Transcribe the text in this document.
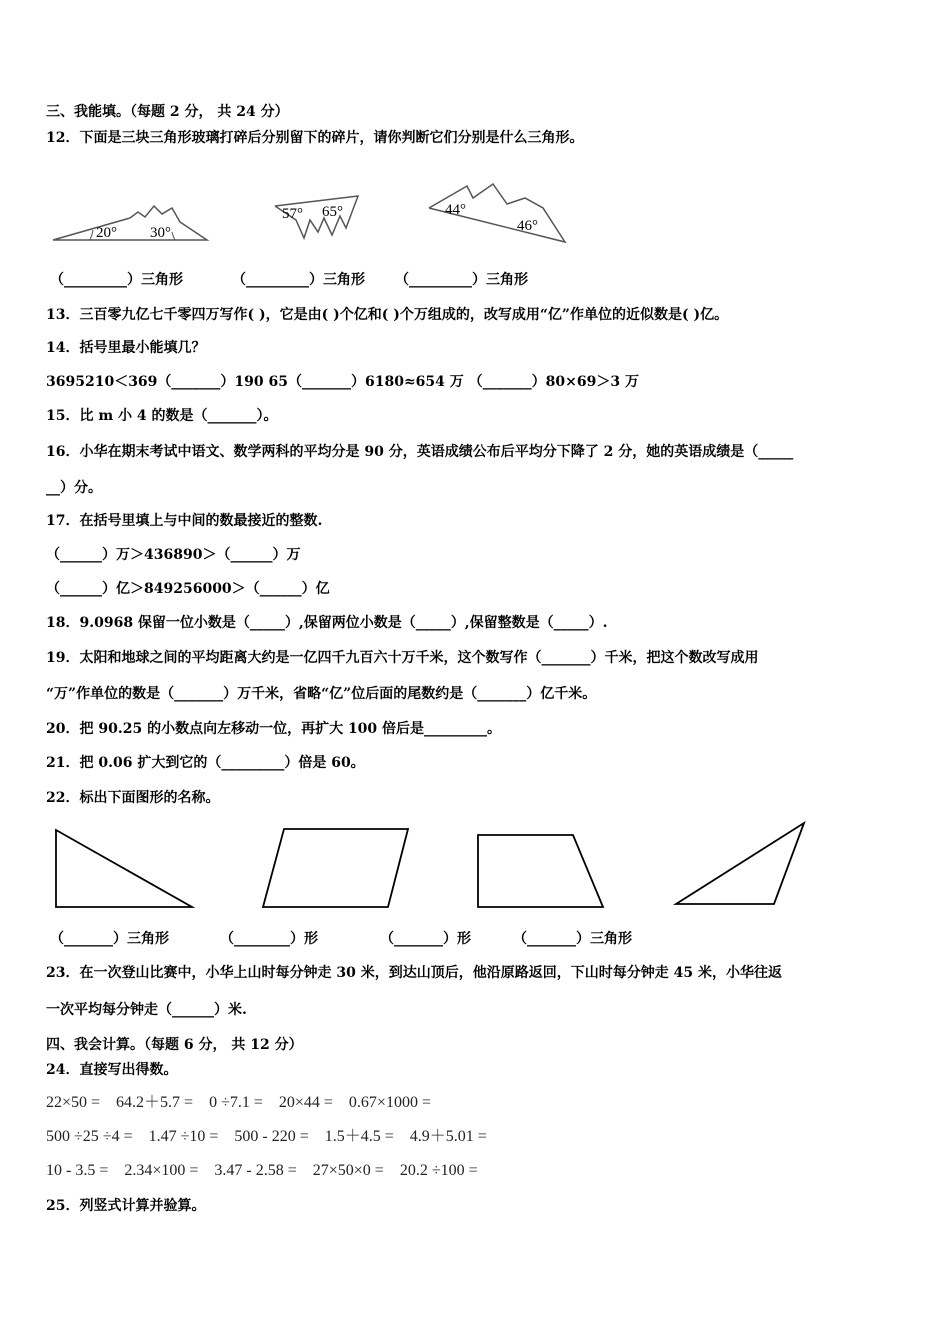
三、我能填。（每题 2 分， 共 24 分）
12．下面是三块三角形玻璃打碎后分别留下的碎片，请你判断它们分别是什么三角形。
20° 30°
57° 65°	44°
46°
（_________）三角形	（_________）三角形 （_________）三角形
13．三百零九亿七千零四万写作( )，它是由( )个亿和( )个万组成的，改写成用“亿”作单位的近似数是( )亿。
14．括号里最小能填几？
3695210＜369（_______）190 65（_______）6180≈654 万 （_______）80×69＞3 万
15．比 m 小 4 的数是（_______）。
16．小华在期末考试中语文、数学两科的平均分是 90 分，英语成绩公布后平均分下降了 2 分，她的英语成绩是（_____
__）分。
17．在括号里填上与中间的数最接近的整数.
（______）万＞436890＞（______）万
（______）亿＞849256000＞（______）亿
18．9.0968 保留一位小数是（_____）,保留两位小数是（_____）,保留整数是（_____）.
19．太阳和地球之间的平均距离大约是一亿四千九百六十万千米，这个数写作（_______）千米，把这个数改写成用
“万”作单位的数是（_______）万千米，省略“亿”位后面的尾数约是（_______）亿千米。
20．把 90.25 的小数点向左移动一位，再扩大 100 倍后是_________。
21．把 0.06 扩大到它的（_________）倍是 60。
22．标出下面图形的名称。
（_______）三角形	（________）形	（_______）形	（_______）三角形
23．在一次登山比赛中，小华上山时每分钟走 30 米，到达山顶后，他沿原路返回，下山时每分钟走 45 米，小华往返
一次平均每分钟走（______）米.
四、我会计算。（每题 6 分， 共 12 分）
24．直接写出得数。
22×50 =    64.2＋5.7 =    0 ÷7.1 =    20×44 =    0.67×1000 =
500 ÷25 ÷4 =    1.47 ÷10 =    500 - 220 =    1.5＋4.5 =    4.9＋5.01 =
10 - 3.5 =    2.34×100 =    3.47 - 2.58 =    27×50×0 =    20.2 ÷100 =
25．列竖式计算并验算。
